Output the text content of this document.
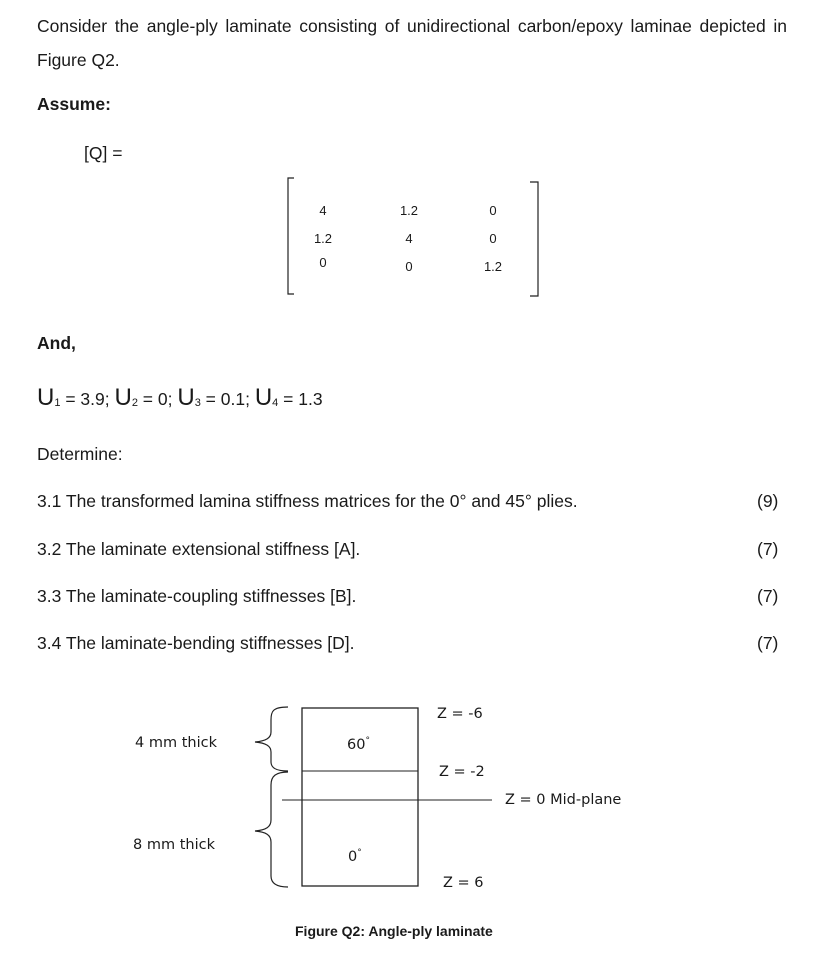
Consider the angle-ply laminate consisting of unidirectional carbon/epoxy laminae depicted in Figure Q2.
Assume:
[Q] =
4	1.2	0
1.2	4	0
0	0	1.2
And,
$U_1 = 3.9$; $U_2 = 0$; $U_3 = 0.1$; $U_4 = 1.3$
Determine:
3.1 The transformed lamina stiffness matrices for the 0° and 45° plies.	(9)
3.2 The laminate extensional stiffness [A].	(7)
3.3 The laminate-coupling stiffnesses [B].	(7)
3.4 The laminate-bending stiffnesses [D].	(7)
4 mm thick
8 mm thick
60°
0°
Z = -6
Z = -2
Z = 0 Mid-plane
Z = 6
Figure Q2: Angle-ply laminate
